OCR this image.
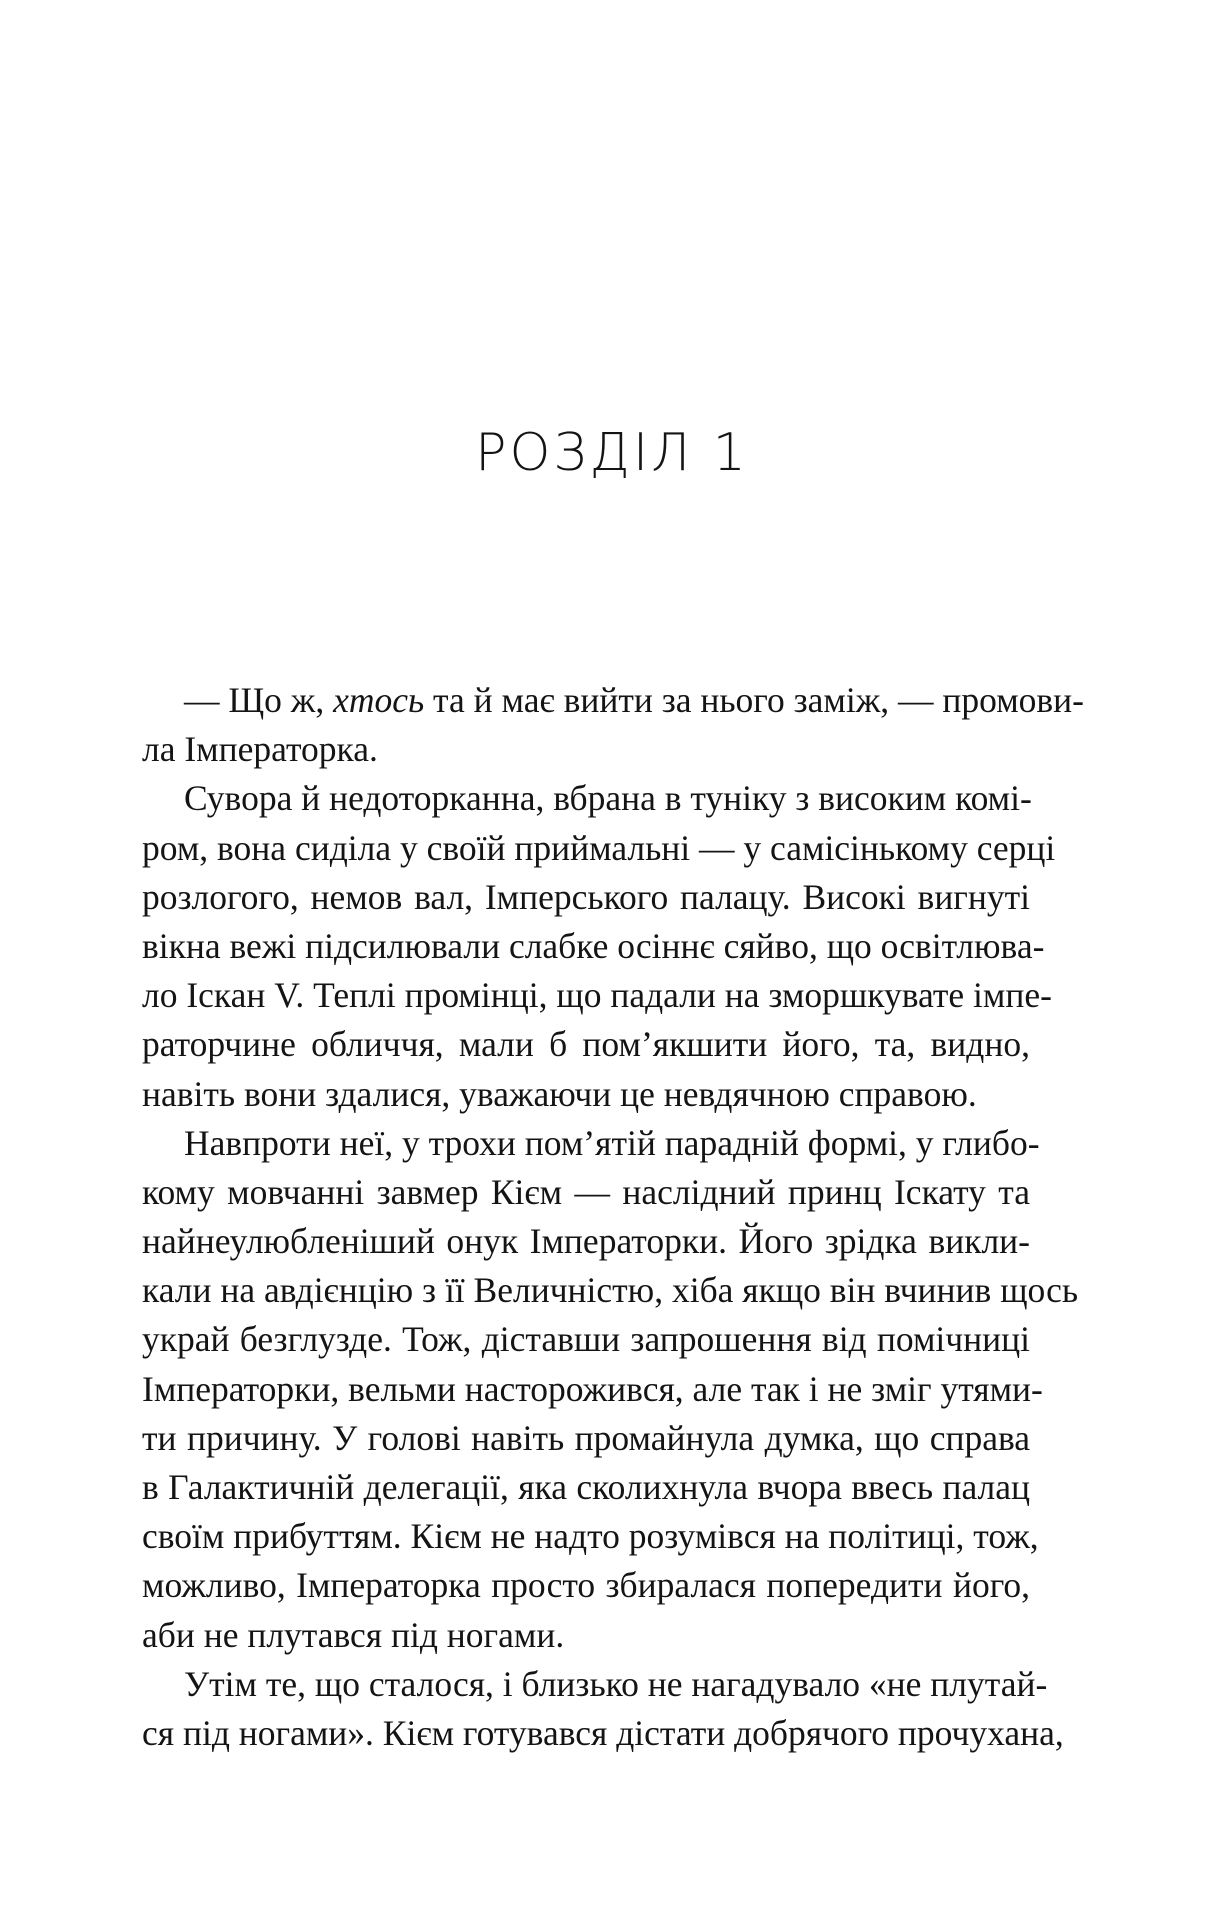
РОЗДІЛ 1

— Що ж, хтось та й має вийти за нього заміж, — промови-
ла Імператорка.

Сувора й недоторканна, вбрана в туніку з високим комі-
ром, вона сиділа у своїй приймальні — у самісінькому серці
розлогого, немов вал, Імперського палацу. Високі вигнуті
вікна вежі підсилювали слабке осіннє сяйво, що освітлюва-
ло Іскан V. Теплі промінці, що падали на зморшкувате імпе-
раторчине обличчя, мали б пом’якшити його, та, видно,
навіть вони здалися, уважаючи це невдячною справою.

Навпроти неї, у трохи пом’ятій парадній формі, у глибо-
кому мовчанні завмер Кієм — наслідний принц Іскату та
найнеулюбленіший онук Імператорки. Його зрідка викли-
кали на авдієнцію з її Величністю, хіба якщо він вчинив щось
украй безглузде. Тож, діставши запрошення від помічниці
Імператорки, вельми насторожився, але так і не зміг утями-
ти причину. У голові навіть промайнула думка, що справа
в Галактичній делегації, яка сколихнула вчора ввесь палац
своїм прибуттям. Кієм не надто розумівся на політиці, тож,
можливо, Імператорка просто збиралася попередити його,
аби не плутався під ногами.

Утім те, що сталося, і близько не нагадувало «не плутай-
ся під ногами». Кієм готувався дістати добрячого прочухана,
